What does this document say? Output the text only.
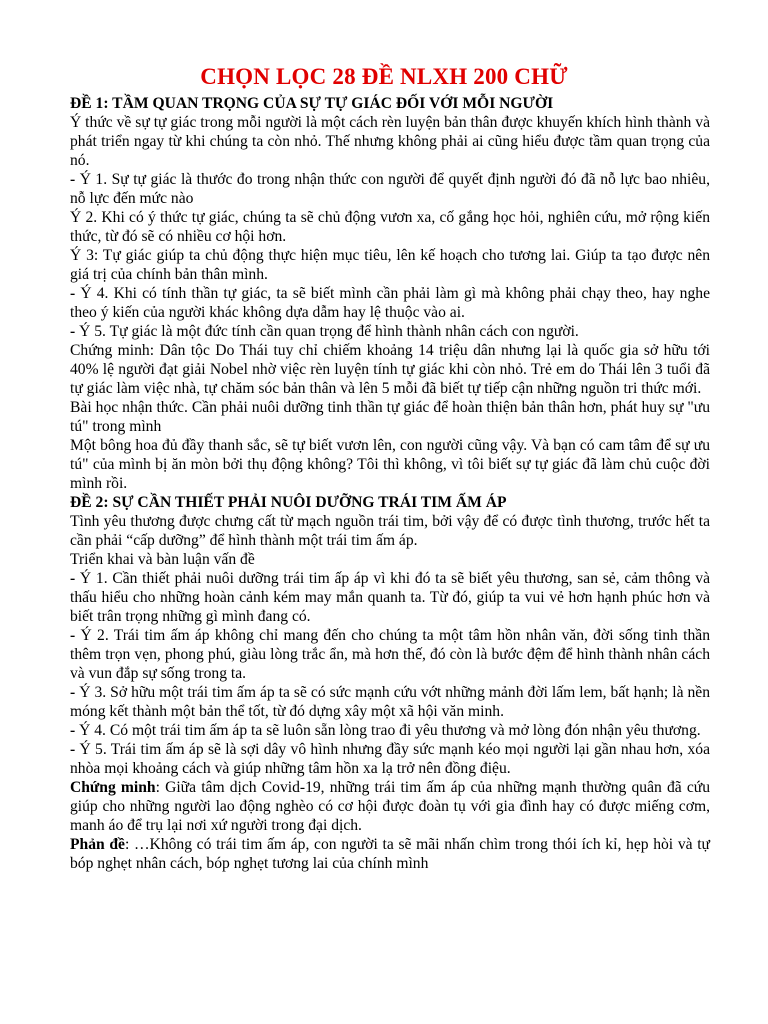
CHỌN LỌC 28 ĐỀ NLXH 200 CHỮ

ĐỀ 1: TẦM QUAN TRỌNG CỦA SỰ TỰ GIÁC ĐỐI VỚI MỖI NGƯỜI

Ý thức về sự tự giác trong mỗi người là một cách rèn luyện bản thân được khuyến khích hình thành và phát triển ngay từ khi chúng ta còn nhỏ. Thế nhưng không phải ai cũng hiểu được tầm quan trọng của nó.

- Ý 1. Sự tự giác là thước đo trong nhận thức con người để quyết định người đó đã nỗ lực bao nhiêu, nỗ lực đến mức nào

Ý 2. Khi có ý thức tự giác, chúng ta sẽ chủ động vươn xa, cố gắng học hỏi, nghiên cứu, mở rộng kiến thức, từ đó sẽ có nhiều cơ hội hơn.

Ý 3: Tự giác giúp ta chủ động thực hiện mục tiêu, lên kế hoạch cho tương lai. Giúp ta tạo được nên giá trị của chính bản thân mình.

- Ý 4. Khi có tính thần tự giác, ta sẽ biết mình cần phải làm gì mà không phải chạy theo, hay nghe theo ý kiến của người khác không dựa dẫm hay lệ thuộc vào ai.

- Ý 5. Tự giác là một đức tính cần quan trọng để hình thành nhân cách con người.

Chứng minh: Dân tộc Do Thái tuy chỉ chiếm khoảng 14 triệu dân nhưng lại là quốc gia sở hữu tới 40% lệ người đạt giải Nobel nhờ việc rèn luyện tính tự giác khi còn nhỏ. Trẻ em do Thái lên 3 tuổi đã tự giác làm việc nhà, tự chăm sóc bản thân và lên 5 mỗi đã biết tự tiếp cận những nguồn tri thức mới.

Bài học nhận thức. Cần phải nuôi dưỡng tinh thần tự giác để hoàn thiện bản thân hơn, phát huy sự "ưu tú" trong mình

Một bông hoa đủ đầy thanh sắc, sẽ tự biết vươn lên, con người cũng vậy. Và bạn có cam tâm để sự ưu tú" của mình bị ăn mòn bởi thụ động không? Tôi thì không, vì tôi biết sự tự giác đã làm chủ cuộc đời mình rồi.

ĐỀ 2: SỰ CẦN THIẾT PHẢI NUÔI DƯỠNG TRÁI TIM ẤM ÁP

Tình yêu thương được chưng cất từ mạch nguồn trái tim, bởi vậy để có được tình thương, trước hết ta cần phải “cấp dưỡng” để hình thành một trái tim ấm áp.

Triển khai và bàn luận vấn đề

- Ý 1. Cần thiết phải nuôi dưỡng trái tim ấp áp vì khi đó ta sẽ biết yêu thương, san sẻ, cảm thông và thấu hiểu cho những hoàn cảnh kém may mắn quanh ta. Từ đó, giúp ta vui vẻ hơn hạnh phúc hơn và biết trân trọng những gì mình đang có.

- Ý 2. Trái tim ấm áp không chỉ mang đến cho chúng ta một tâm hồn nhân văn, đời sống tinh thần thêm trọn vẹn, phong phú, giàu lòng trắc ẩn, mà hơn thế, đó còn là bước đệm để hình thành nhân cách và vun đắp sự sống trong ta.

- Ý 3. Sở hữu một trái tim ấm áp ta sẽ có sức mạnh cứu vớt những mảnh đời lấm lem, bất hạnh; là nền móng kết thành một bản thể tốt, từ đó dựng xây một xã hội văn minh.

- Ý 4. Có một trái tim ấm áp ta sẽ luôn sẵn lòng trao đi yêu thương và mở lòng đón nhận yêu thương.

- Ý 5. Trái tim ấm áp sẽ là sợi dây vô hình nhưng đầy sức mạnh kéo mọi người lại gần nhau hơn, xóa nhòa mọi khoảng cách và giúp những tâm hồn xa lạ trở nên đồng điệu.

Chứng minh: Giữa tâm dịch Covid-19, những trái tim ấm áp của những mạnh thường quân đã cứu giúp cho những người lao động nghèo có cơ hội được đoàn tụ với gia đình hay có được miếng cơm, manh áo để trụ lại nơi xứ người trong đại dịch.

Phản đề: …Không có trái tim ấm áp, con người ta sẽ mãi nhấn chìm trong thói ích kỉ, hẹp hòi và tự bóp nghẹt nhân cách, bóp nghẹt tương lai của chính mình
